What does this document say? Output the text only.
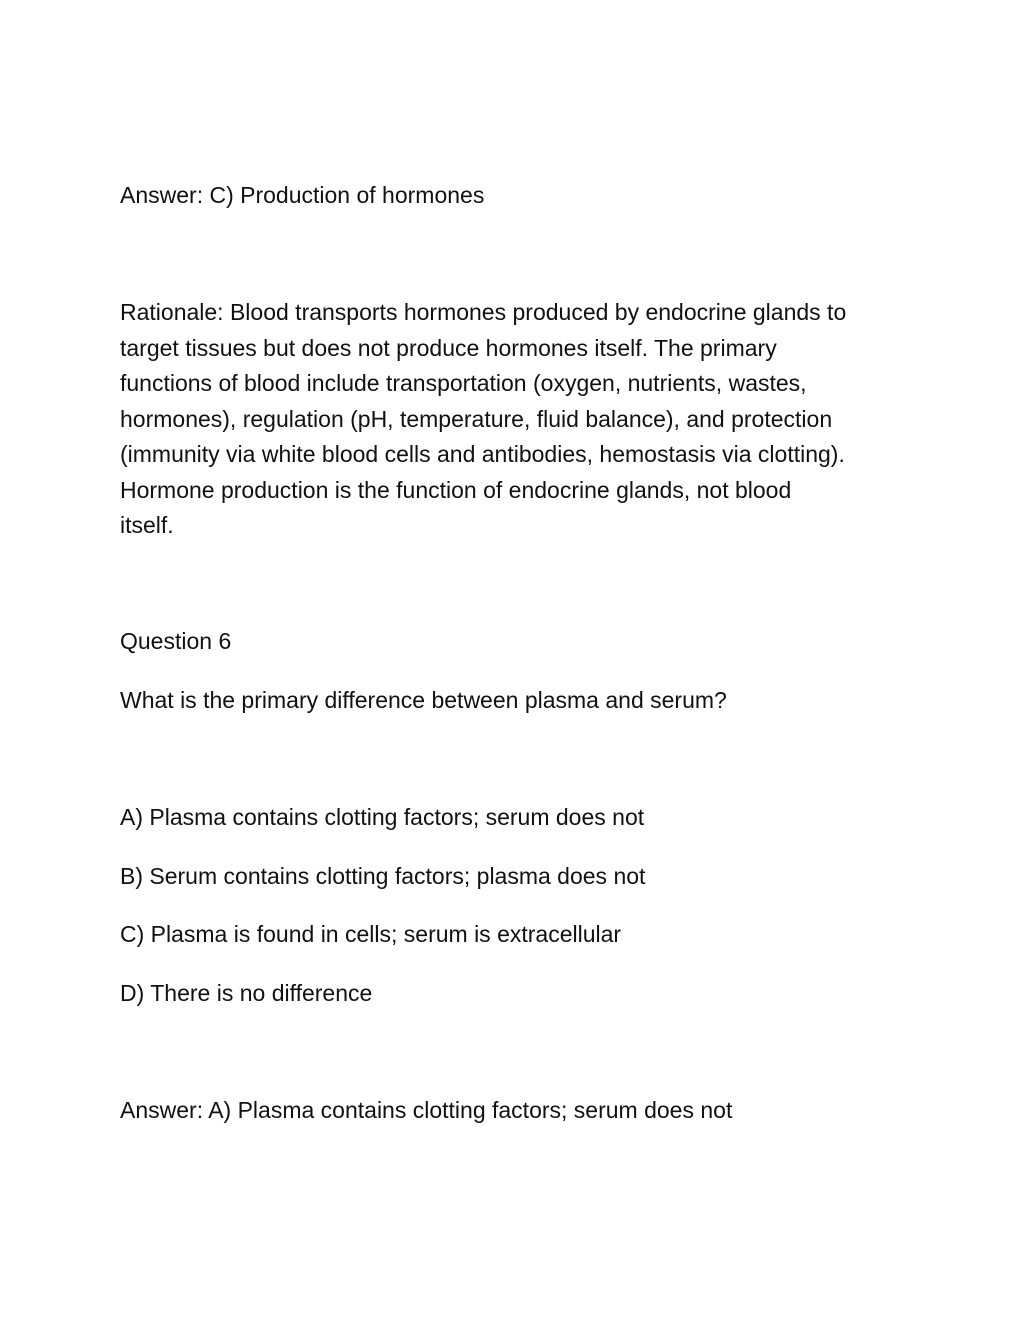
Answer: C) Production of hormones
Rationale: Blood transports hormones produced by endocrine glands to
target tissues but does not produce hormones itself. The primary
functions of blood include transportation (oxygen, nutrients, wastes,
hormones), regulation (pH, temperature, fluid balance), and protection
(immunity via white blood cells and antibodies, hemostasis via clotting).
Hormone production is the function of endocrine glands, not blood
itself.
Question 6
What is the primary difference between plasma and serum?
A) Plasma contains clotting factors; serum does not
B) Serum contains clotting factors; plasma does not
C) Plasma is found in cells; serum is extracellular
D) There is no difference
Answer: A) Plasma contains clotting factors; serum does not
